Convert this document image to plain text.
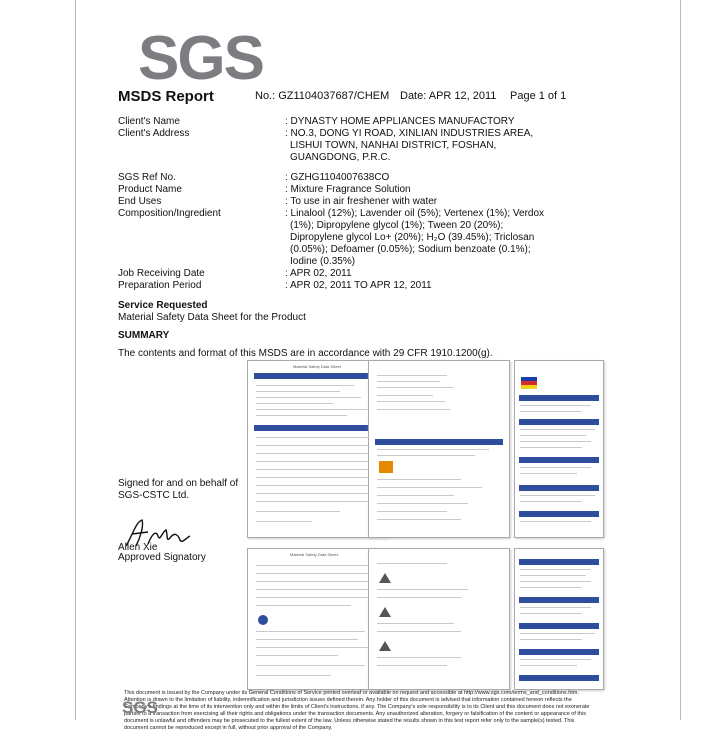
SGS
MSDS Report	No.: GZ1104037687/CHEM Date: APR 12, 2011 Page 1 of 1
Client's Name	: DYNASTY HOME APPLIANCES MANUFACTORY
Client's Address	: NO.3, DONG YI ROAD, XINLIAN INDUSTRIES AREA,
LISHUI TOWN, NANHAI DISTRICT, FOSHAN,
GUANGDONG, P.R.C.
SGS Ref No.	: GZHG1104007638CO
Product Name	: Mixture Fragrance Solution
End Uses	: To use in air freshener with water
Composition/Ingredient	: Linalool (12%); Lavender oil (5%); Vertenex (1%); Verdox
(1%); Dipropylene glycol (1%); Tween 20 (20%);
Dipropylene glycol Lo+ (20%); H₂O (39.45%); Triclosan
(0.05%); Defoamer (0.05%); Sodium benzoate (0.1%);
Iodine (0.35%)
Job Receiving Date	: APR 02, 2011
Preparation Period	: APR 02, 2011 TO APR 12, 2011
Service Requested
Material Safety Data Sheet for the Product
SUMMARY
The contents and format of this MSDS are in accordance with 29 CFR 1910.1200(g).
Signed for and on behalf of
SGS-CSTC Ltd.
Allen Xie
Approved Signatory
Material Safety Data Sheet
Material Safety Data Sheet
This document is issued by the Company under its General Conditions of Service printed overleaf or available on request and accessible at http://www.sgs.com/terms_and_conditions.htm. Attention is drawn to the limitation of liability, indemnification and jurisdiction issues defined therein. Any holder of this document is advised that information contained hereon reflects the Company's findings at the time of its intervention only and within the limits of Client's instructions, if any. The Company's sole responsibility is to its Client and this document does not exonerate parties to a transaction from exercising all their rights and obligations under the transaction documents. Any unauthorized alteration, forgery or falsification of the content or appearance of this document is unlawful and offenders may be prosecuted to the fullest extent of the law. Unless otherwise stated the results shown in this test report refer only to the sample(s) tested. This document cannot be reproduced except in full, without prior approval of the Company.
SGS
